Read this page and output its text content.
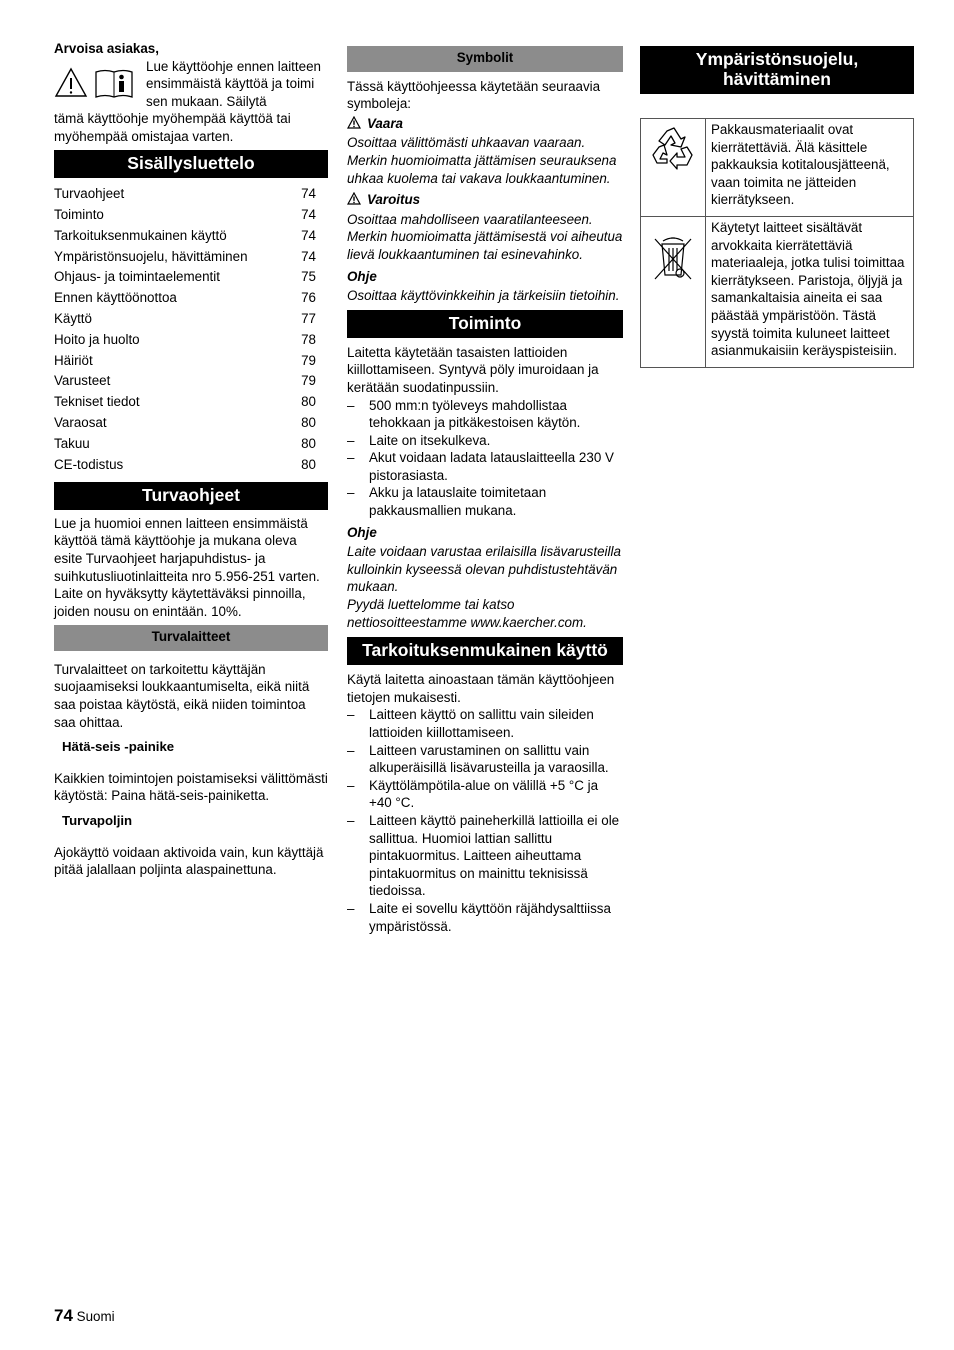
Arvoisa asiakas,

Lue käyttöohje ennen laitteen ensimmäistä käyttöä ja toimi sen mukaan. Säilytä

tämä käyttöohje myöhempää käyttöä tai myöhempää omistajaa varten.

Sisällysluettelo
Turvaohjeet	74
Toiminto	74
Tarkoituksenmukainen käyttö	74
Ympäristönsuojelu, hävittäminen	74
Ohjaus- ja toimintaelementit	75
Ennen käyttöönottoa	76
Käyttö	77
Hoito ja huolto	78
Häiriöt	79
Varusteet	79
Tekniset tiedot	80
Varaosat	80
Takuu	80
CE-todistus	80
Turvaohjeet

Lue ja huomioi ennen laitteen ensimmäistä käyttöä tämä käyttöohje ja mukana oleva esite Turvaohjeet harjapuhdistus- ja suihkutusliuotinlaitteita nro 5.956-251 varten. Laite on hyväksytty käytettäväksi pinnoilla, joiden nousu on enintään. 10%.

Turvalaitteet

Turvalaitteet on tarkoitettu käyttäjän suojaamiseksi loukkaantumiselta, eikä niitä saa poistaa käytöstä, eikä niiden toimintoa saa ohittaa.

Hätä-seis -painike

Kaikkien toimintojen poistamiseksi välittömästi käytöstä: Paina hätä-seis-painiketta.

Turvapoljin

Ajokäyttö voidaan aktivoida vain, kun käyttäjä pitää jalallaan poljinta alaspainettuna.

Symbolit

Tässä käyttöohjeessa käytetään seuraavia symboleja:

Vaara

Osoittaa välittömästi uhkaavan vaaraan. Merkin huomioimatta jättämisen seurauksena uhkaa kuolema tai vakava loukkaantuminen.

Varoitus

Osoittaa mahdolliseen vaaratilanteeseen. Merkin huomioimatta jättämisestä voi aiheutua lievä loukkaantuminen tai esinevahinko.

Ohje

Osoittaa käyttövinkkeihin ja tärkeisiin tietoihin.

Toiminto

Laitetta käytetään tasaisten lattioiden kiillottamiseen. Syntyvä pöly imuroidaan ja kerätään suodatinpussiin.

– 500 mm:n työleveys mahdollistaa tehokkaan ja pitkäkestoisen käytön.
– Laite on itsekulkeva.
– Akut voidaan ladata latauslaitteella 230 V pistorasiasta.
– Akku ja latauslaite toimitetaan pakkausmallien mukana.

Ohje

Laite voidaan varustaa erilaisilla lisävarusteilla kulloinkin kyseessä olevan puhdistustehtävän mukaan.

Pyydä luettelomme tai katso nettiosoitteestamme www.kaercher.com.

Tarkoituksenmukainen käyttö

Käytä laitetta ainoastaan tämän käyttöohjeen tietojen mukaisesti.

– Laitteen käyttö on sallittu vain sileiden lattioiden kiillottamiseen.
– Laitteen varustaminen on sallittu vain alkuperäisillä lisävarusteilla ja varaosilla.
– Käyttölämpötila-alue on välillä +5 °C ja +40 °C.
– Laitteen käyttö paineherkillä lattioilla ei ole sallittua. Huomioi lattian sallittu pintakuormitus. Laitteen aiheuttama pintakuormitus on mainittu teknisissä tiedoissa.
– Laite ei sovellu käyttöön räjähdysalttiissa ympäristössä.
Ympäristönsuojelu, hävittäminen
	Pakkausmateriaalit ovat kierrätettäviä. Älä käsittele pakkauksia kotitalousjätteenä, vaan toimita ne jätteiden kierrätykseen.
	Käytetyt laitteet sisältävät arvokkaita kierrätettäviä materiaaleja, jotka tulisi toimittaa kierrätykseen. Paristoja, öljyjä ja samankaltaisia aineita ei saa päästää ympäristöön. Tästä syystä toimita kuluneet laitteet asianmukaisiin keräyspisteisiin.
74 Suomi
